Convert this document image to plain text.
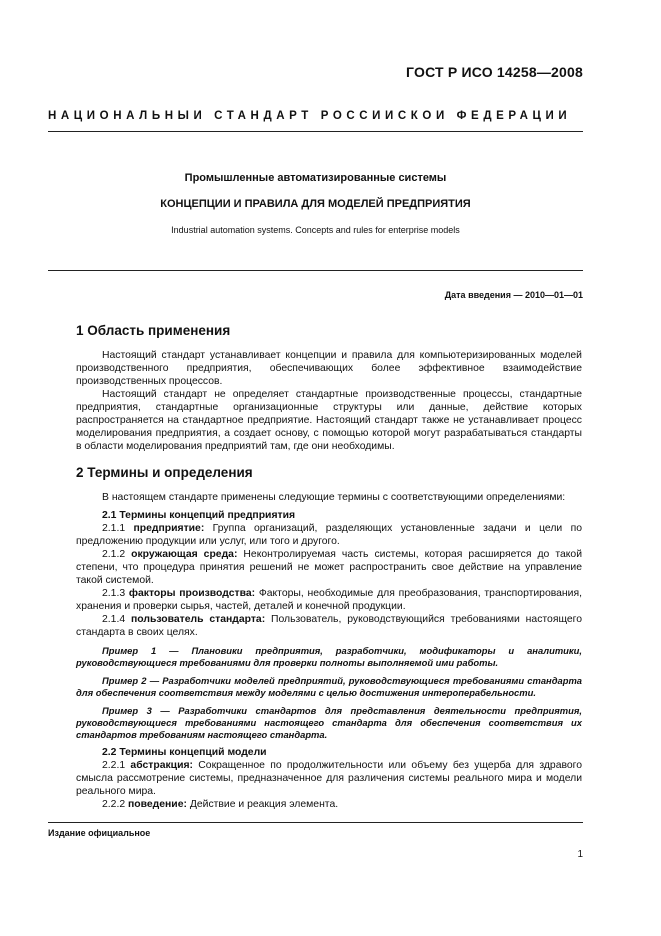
ГОСТ Р ИСО 14258—2008
НАЦИОНАЛЬНЫЙ СТАНДАРТ РОССИЙСКОЙ ФЕДЕРАЦИИ
Промышленные автоматизированные системы
КОНЦЕПЦИИ И ПРАВИЛА ДЛЯ МОДЕЛЕЙ ПРЕДПРИЯТИЯ
Industrial automation systems. Concepts and rules for enterprise models
Дата введения — 2010—01—01
1 Область применения

Настоящий стандарт устанавливает концепции и правила для компьютеризированных моделей производственного предприятия, обеспечивающих более эффективное взаимодействие производственных процессов.

Настоящий стандарт не определяет стандартные производственные процессы, стандартные предприятия, стандартные организационные структуры или данные, действие которых распространяется на стандартное предприятие. Настоящий стандарт также не устанавливает процесс моделирования предприятия, а создает основу, с помощью которой могут разрабатываться стандарты в области моделирования предприятий там, где они необходимы.

2 Термины и определения

В настоящем стандарте применены следующие термины с соответствующими определениями:

2.1 Термины концепций предприятия

2.1.1 предприятие: Группа организаций, разделяющих установленные задачи и цели по предложению продукции или услуг, или того и другого.

2.1.2 окружающая среда: Неконтролируемая часть системы, которая расширяется до такой степени, что процедура принятия решений не может распространить свое действие на управление такой системой.

2.1.3 факторы производства: Факторы, необходимые для преобразования, транспортирования, хранения и проверки сырья, частей, деталей и конечной продукции.

2.1.4 пользователь стандарта: Пользователь, руководствующийся требованиями настоящего стандарта в своих целях.

Пример 1 — Плановики предприятия, разработчики, модификаторы и аналитики, руководствующиеся требованиями для проверки полноты выполняемой ими работы.

Пример 2 — Разработчики моделей предприятий, руководствующиеся требованиями стандарта для обеспечения соответствия между моделями с целью достижения интероперабельности.

Пример 3 — Разработчики стандартов для представления деятельности предприятия, руководствующиеся требованиями настоящего стандарта для обеспечения соответствия их стандартов требованиям настоящего стандарта.

2.2 Термины концепций модели

2.2.1 абстракция: Сокращенное по продолжительности или объему без ущерба для здравого смысла рассмотрение системы, предназначенное для различения системы реального мира и модели реального мира.

2.2.2 поведение: Действие и реакция элемента.

Издание официальное
1
